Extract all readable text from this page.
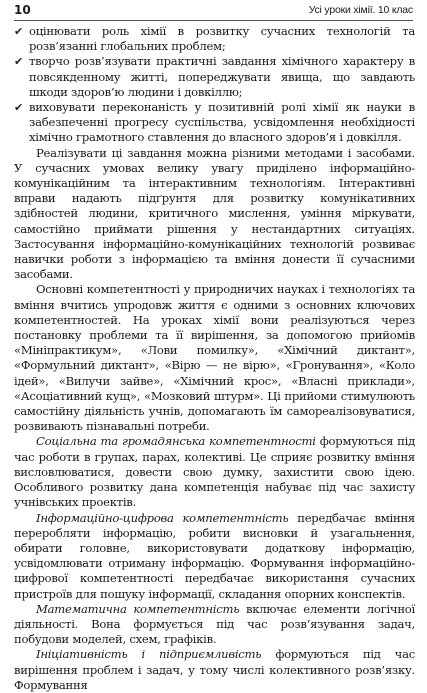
10	Усі уроки хімії. 10 клас
✔ оцінювати роль хімії в розвитку сучасних технологій та розв’язанні глобальних проблем;
✔ творчо розв’язувати практичні завдання хімічного характеру в повсякденному житті, попереджувати явища, що завдають шкоди здоров’ю людини і довкіллю;
✔ виховувати переконаність у позитивній ролі хімії як науки в забезпеченні прогресу суспільства, усвідомлення необхідності хімічно грамотного ставлення до власного здоров’я і довкілля.

Реалізувати ці завдання можна різними методами і засобами. У сучасних умовах велику увагу приділено інформаційно-комунікаційним та інтерактивним технологіям. Інтерактивні вправи надають підґрунтя для розвитку комунікативних здібностей людини, критичного мислення, уміння міркувати, самостійно приймати рішення у нестандартних ситуаціях. Застосування інформаційно-комунікаційних технологій розвиває навички роботи з інформацією та вміння донести її сучасними засобами.

Основні компетентності у природничих науках і технологіях та вміння вчитись упродовж життя є одними з основних ключових компетентностей. На уроках хімії вони реалізуються через постановку проблеми та її вирішення, за допомогою прийомів «Мініпрактикум», «Лови помилку», «Хімічний диктант», «Формульний диктант», «Вірю — не вірю», «Гронування», «Коло ідей», «Вилучи зайве», «Хімічний крос», «Власні приклади», «Асоціативний кущ», «Мозковий штурм». Ці прийоми стимулюють самостійну діяльність учнів, допомагають їм самореалізовуватися, розвивають пізнавальні потреби.

Соціальна та громадянська компетентності формуються під час роботи в групах, парах, колективі. Це сприяє розвитку вміння висловлюватися, довести свою думку, захистити свою ідею. Особливого розвитку дана компетенція набуває під час захисту учнівських проектів.

Інформаційно-цифрова компетентність передбачає вміння переробляти інформацію, робити висновки й узагальнення, обирати головне, використовувати додаткову інформацію, усвідомлювати отриману інформацію. Формування інформаційно-цифрової компетентності передбачає використання сучасних пристроїв для пошуку інформації, складання опорних конспектів.

Математична компетентність включає елементи логічної діяльності. Вона формується під час розв’язування задач, побудови моделей, схем, графіків.

Ініціативність і підприємливість формуються під час вирішення проблем і задач, у тому числі колективного розв’язку. Формування
